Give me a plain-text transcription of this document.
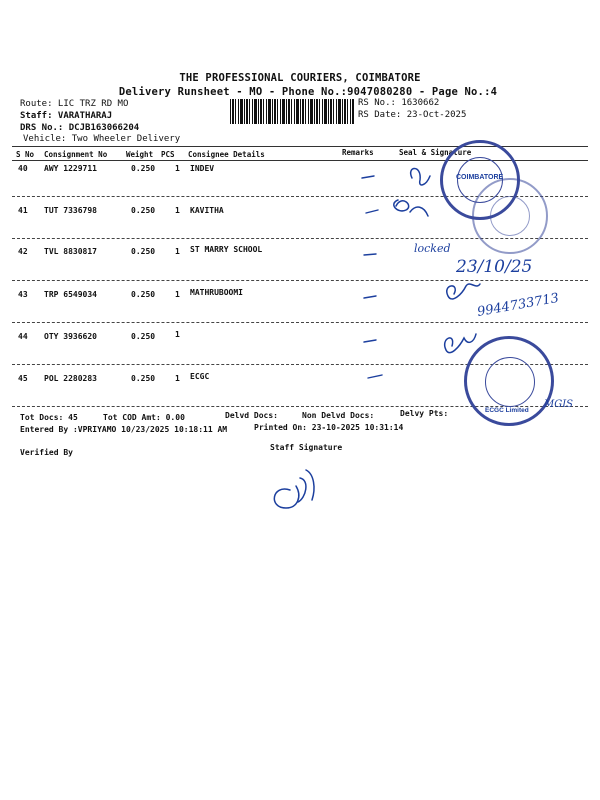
THE PROFESSIONAL COURIERS, COIMBATORE
Delivery Runsheet - MO - Phone No.:9047080280 - Page No.:4
Route: LIC TRZ RD MO
Staff: VARATHARAJ
DRS No.: DCJB163066204
Vehicle: Two Wheeler Delivery
RS No.: 1630662
RS Date: 23-Oct-2025
S No Consignment No	Weight PCS Consignee Details	Remarks	Seal & Signature
40 AWY 1229711	0.250 1 INDEV
41 TUT 7336798	0.250 1 KAVITHA
42 TVL 8830817	0.250 1 ST MARRY SCHOOL
43 TRP 6549034	0.250 1 MATHRUBOOMI
44 OTY 3936620	0.250 1
45 POL 2280283	0.250 1 ECGC
Tot Docs: 45	Tot COD Amt: 0.00	Delvd Docs:	Non Delvd Docs:	Delvy Pts:
Entered By :VPRIYAMO 10/23/2025 10:18:11 AM	Printed On: 23-10-2025 10:31:14
Verified By
Staff Signature
COIMBATORE
ECGC Limited
locked
23/10/25
9944733713
MGIS
